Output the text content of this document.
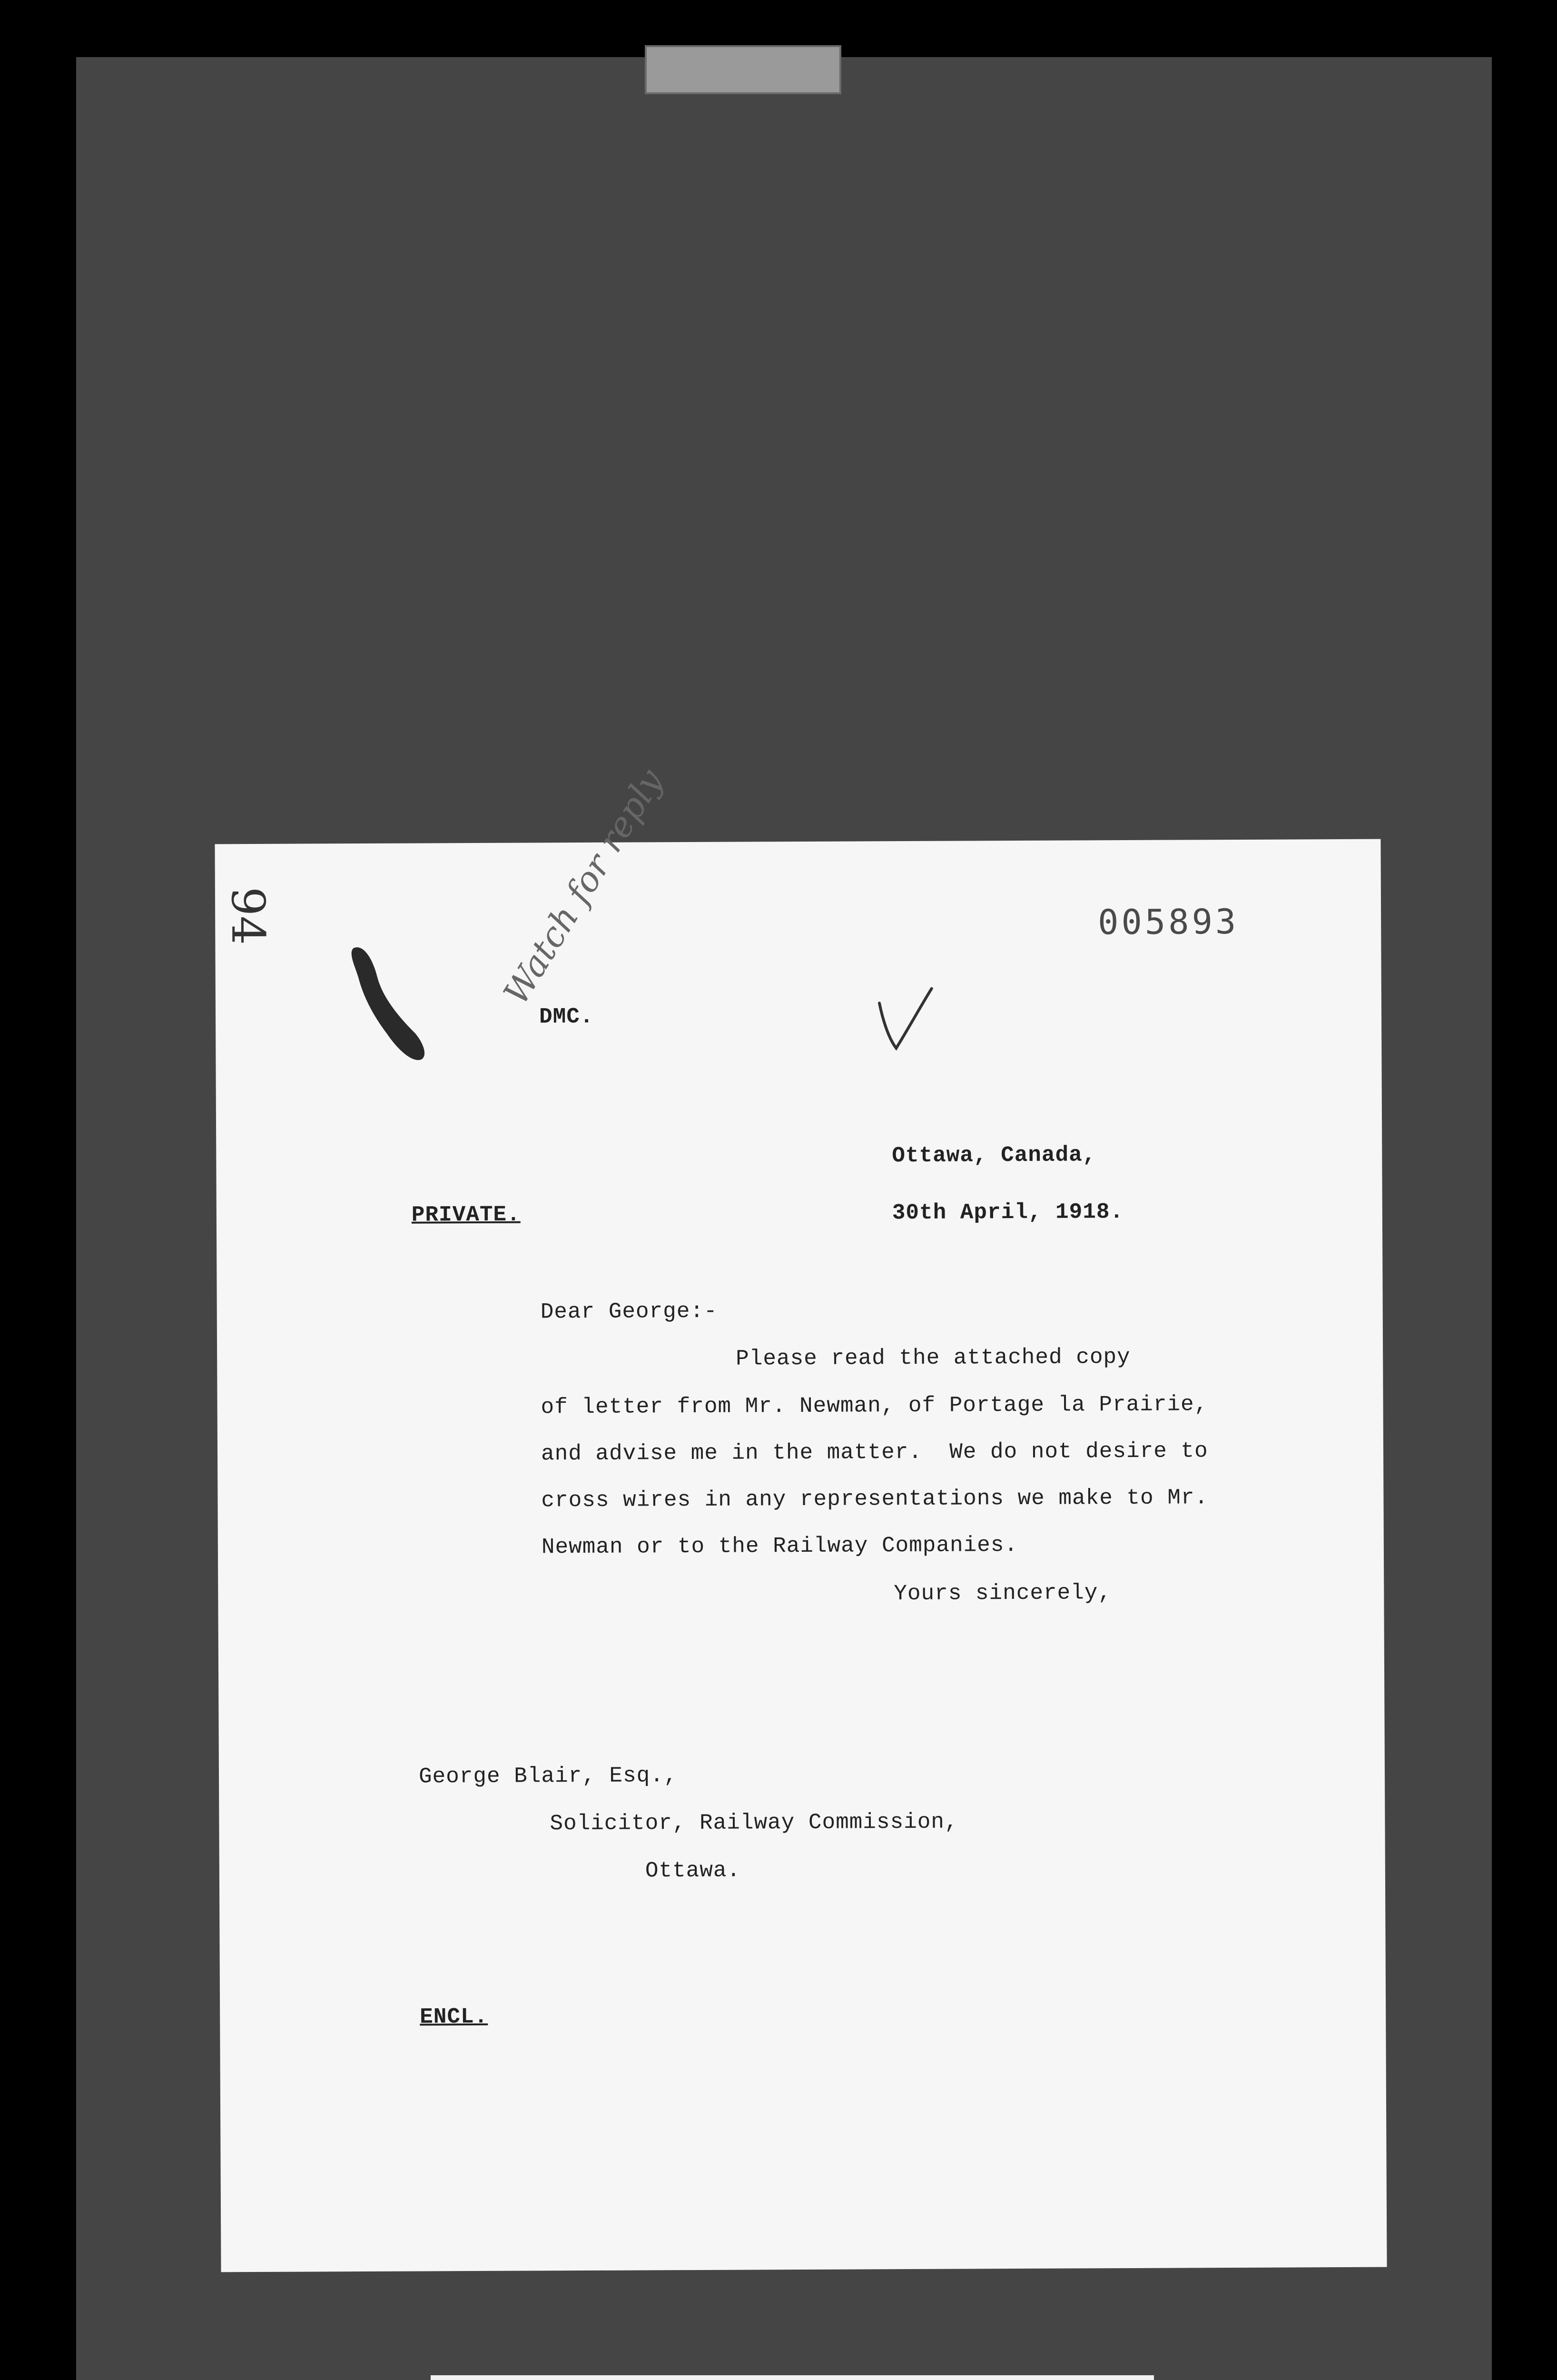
94	005893
Watch for reply
DMC.
Ottawa, Canada,
PRIVATE.	30th April, 1918.
Dear George:-
Please read the attached copy
of letter from Mr. Newman, of Portage la Prairie,
and advise me in the matter.  We do not desire to
cross wires in any representations we make to Mr.
Newman or to the Railway Companies.
Yours sincerely,
George Blair, Esq.,
Solicitor, Railway Commission,
Ottawa.
ENCL.
